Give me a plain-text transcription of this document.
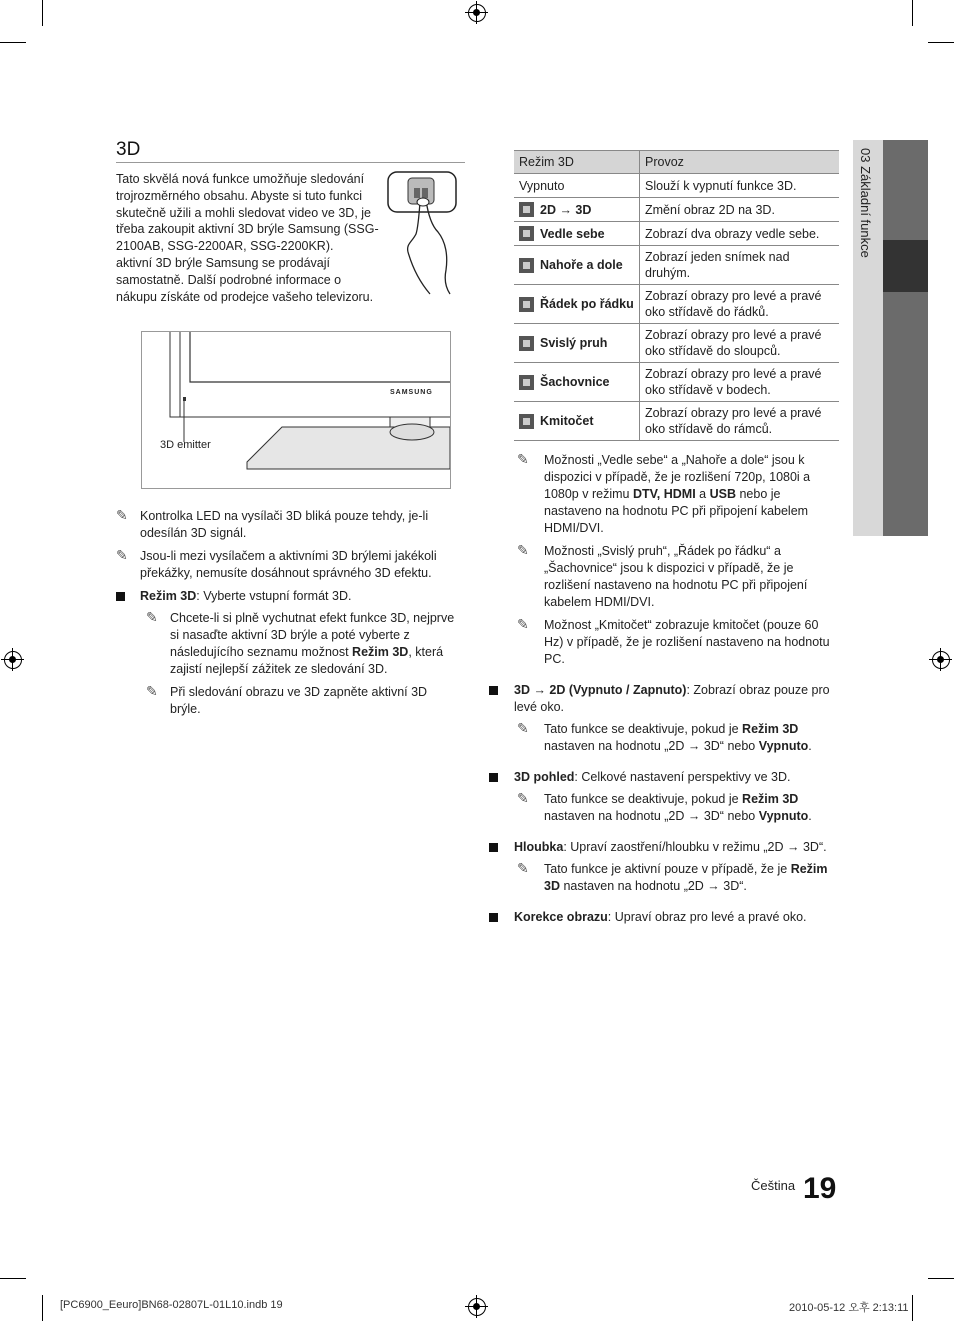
03 Základní funkce
3D

Tato skvělá nová funkce umožňuje sledování trojrozměrného obsahu. Abyste si tuto funkci skutečně užili a mohli sledovat video ve 3D, je třeba zakoupit aktivní 3D brýle Samsung (SSG-2100AB, SSG-2200AR, SSG-2200KR).

aktivní 3D brýle Samsung se prodávají samostatně. Další podrobné informace o nákupu získáte od prodejce vašeho televizoru.

SAMSUNG
3D emitter
✎ Kontrolka LED na vysílači 3D bliká pouze tehdy, je-li odesílán 3D signál.
✎ Jsou-li mezi vysílačem a aktivními 3D brýlemi jakékoli překážky, nemusíte dosáhnout správného 3D efektu.
Režim 3D: Vyberte vstupní formát 3D.
✎ Chcete-li si plně vychutnat efekt funkce 3D, nejprve si nasaďte aktivní 3D brýle a poté vyberte z následujícího seznamu možnost Režim 3D, která zajistí nejlepší zážitek ze sledování 3D.
✎ Při sledování obrazu ve 3D zapněte aktivní 3D brýle.
Režim 3D	Provoz
Vypnuto	Slouží k vypnutí funkce 3D.

2D → 3D	Změní obraz 2D na 3D.

Vedle sebe	Zobrazí dva obrazy vedle sebe.

Nahoře a dole	Zobrazí jeden snímek nad druhým.

Řádek po řádku	Zobrazí obrazy pro levé a pravé oko střídavě do řádků.

Svislý pruh	Zobrazí obrazy pro levé a pravé oko střídavě do sloupců.

Šachovnice	Zobrazí obrazy pro levé a pravé oko střídavě v bodech.

Kmitočet	Zobrazí obrazy pro levé a pravé oko střídavě do rámců.
✎ Možnosti „Vedle sebe“ a „Nahoře a dole“ jsou k dispozici v případě, že je rozlišení 720p, 1080i a 1080p v režimu DTV, HDMI a USB nebo je nastaveno na hodnotu PC při připojení kabelem HDMI/DVI.
✎ Možnosti „Svislý pruh“, „Řádek po řádku“ a „Šachovnice“ jsou k dispozici v případě, že je rozlišení nastaveno na hodnotu PC při připojení kabelem HDMI/DVI.
✎ Možnost „Kmitočet“ zobrazuje kmitočet (pouze 60 Hz) v případě, že je rozlišení nastaveno na hodnotu PC.
3D → 2D (Vypnuto / Zapnuto): Zobrazí obraz pouze pro levé oko.
✎ Tato funkce se deaktivuje, pokud je Režim 3D nastaven na hodnotu „2D → 3D“ nebo Vypnuto.
3D pohled: Celkové nastavení perspektivy ve 3D.
✎ Tato funkce se deaktivuje, pokud je Režim 3D nastaven na hodnotu „2D → 3D“ nebo Vypnuto.
Hloubka: Upraví zaostření/hloubku v režimu „2D → 3D“.
✎ Tato funkce je aktivní pouze v případě, že je Režim 3D nastaven na hodnotu „2D → 3D“.
Korekce obrazu: Upraví obraz pro levé a pravé oko.
Čeština 19
[PC6900_Eeuro]BN68-02807L-01L10.indb 19	2010-05-12 오후 2:13:11
